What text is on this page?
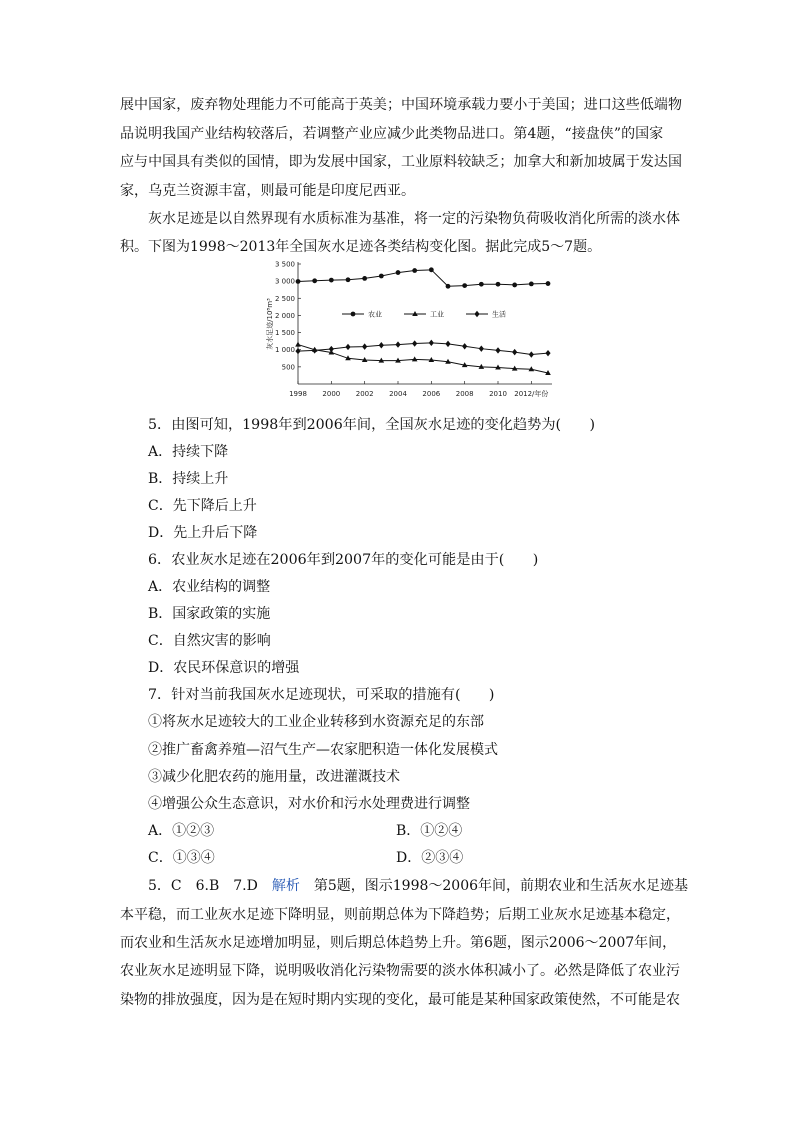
展中国家，废弃物处理能力不可能高于英美；中国环境承载力要小于美国；进口这些低端物
品说明我国产业结构较落后，若调整产业应减少此类物品进口。第4题，“接盘侠”的国家
应与中国具有类似的国情，即为发展中国家，工业原料较缺乏；加拿大和新加坡属于发达国
家，乌克兰资源丰富，则最可能是印度尼西亚。
灰水足迹是以自然界现有水质标准为基准，将一定的污染物负荷吸收消化所需的淡水体
积。下图为1998～2013年全国灰水足迹各类结构变化图。据此完成5～7题。
3 500
3 000
2 500
2 000
1 500
1 000
500
1998 2000 2002 2004 2006 2008 2010 2012/年份
灰水足迹/10⁸m³	农业	工业	生活
5．由图可知，1998年到2006年间，全国灰水足迹的变化趋势为(　　)
A．持续下降
B．持续上升
C．先下降后上升
D．先上升后下降
6．农业灰水足迹在2006年到2007年的变化可能是由于(　　)
A．农业结构的调整
B．国家政策的实施
C．自然灾害的影响
D．农民环保意识的增强
7．针对当前我国灰水足迹现状，可采取的措施有(　　)
①将灰水足迹较大的工业企业转移到水资源充足的东部
②推广畜禽养殖—沼气生产—农家肥积造一体化发展模式
③减少化肥农药的施用量，改进灌溉技术
④增强公众生态意识，对水价和污水处理费进行调整
A．①②③	B．①②④
C．①③④	D．②③④
5．C　6.B　7.D　 解析　 第5题，图示1998～2006年间，前期农业和生活灰水足迹基
本平稳，而工业灰水足迹下降明显，则前期总体为下降趋势；后期工业灰水足迹基本稳定，
而农业和生活灰水足迹增加明显，则后期总体趋势上升。第6题，图示2006～2007年间，
农业灰水足迹明显下降，说明吸收消化污染物需要的淡水体积减小了。必然是降低了农业污
染物的排放强度，因为是在短时期内实现的变化，最可能是某种国家政策使然，不可能是农
